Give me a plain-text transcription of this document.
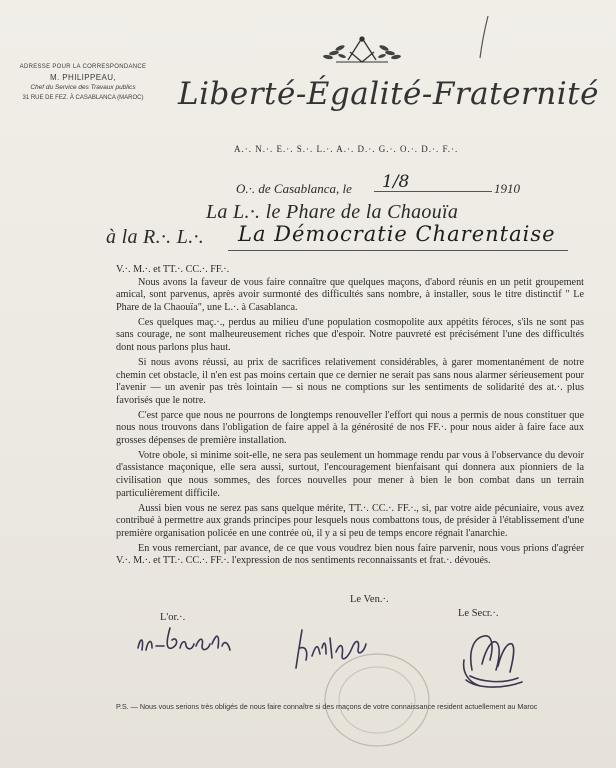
ADRESSE POUR LA CORRESPONDANCE
M. PHILIPPEAU,
Chef du Service des Travaux publics
31 RUE DE FEZ. À CASABLANCA (MAROC)	Liberté-Égalité-Fraternité
A.·. N.·. E.·. S.·. L.·. A.·. D.·. G.·. O.·. D.·. F.·.
O.·. de Casablanca, le 1/8	1910
La L.·. le Phare de la Chaouïa
à la R.·. L.·. La Démocratie Charentaise

V.·. M.·. et TT.·. CC.·. FF.·.

Nous avons la faveur de vous faire connaître que quelques maçons, d'abord réunis en un petit groupement amical, sont parvenus, après avoir surmonté des difficultés sans nombre, à installer, sous le titre distinctif " Le Phare de la Chaouïa", une L.·. à Casablanca.

Ces quelques maç.·., perdus au milieu d'une population cosmopolite aux appétits féroces, s'ils ne sont pas sans courage, ne sont malheureusement riches que d'espoir. Notre pauvreté est précisément l'une des difficultés dont nous parlons plus haut.

Si nous avons réussi, au prix de sacrifices relativement considérables, à garer momentanément de notre chemin cet obstacle, il n'en est pas moins certain que ce dernier ne serait pas sans nous alarmer sérieusement pour l'avenir — un avenir pas très lointain — si nous ne comptions sur les sentiments de solidarité des at.·. plus favorisés que le notre.

C'est parce que nous ne pourrons de longtemps renouveller l'effort qui nous a permis de nous constituer que nous nous trouvons dans l'obligation de faire appel à la générosité de nos FF.·. pour nous aider à faire face aux grosses dépenses de première installation.

Votre obole, si minime soit-elle, ne sera pas seulement un hommage rendu par vous à l'observance du devoir d'assistance maçonique, elle sera aussi, surtout, l'encouragement bienfaisant qui donnera aux pionniers de la civilisation que nous sommes, des forces nouvelles pour mener à bien le bon combat dans un terrain particulièrement difficile.

Aussi bien vous ne serez pas sans quelque mérite, TT.·. CC.·. FF.·., si, par votre aide pécuniaire, vous avez contribué à permettre aux grands principes pour lesquels nous combattons tous, de présider à l'établissement d'une première organisation policée en une contrée où, il y a si peu de temps encore régnait l'anarchie.

En vous remerciant, par avance, de ce que vous voudrez bien nous faire parvenir, nous vous prions d'agréer V.·. M.·. et TT.·. CC.·. FF.·. l'expression de nos sentiments reconnaissants et frat.·. dévoués.

Le Ven.·.
L'or.·.	Le Secr.·.
P.S. — Nous vous serions très obligés de nous faire connaître si des maçons de votre connaissance resident actuellement au Maroc
